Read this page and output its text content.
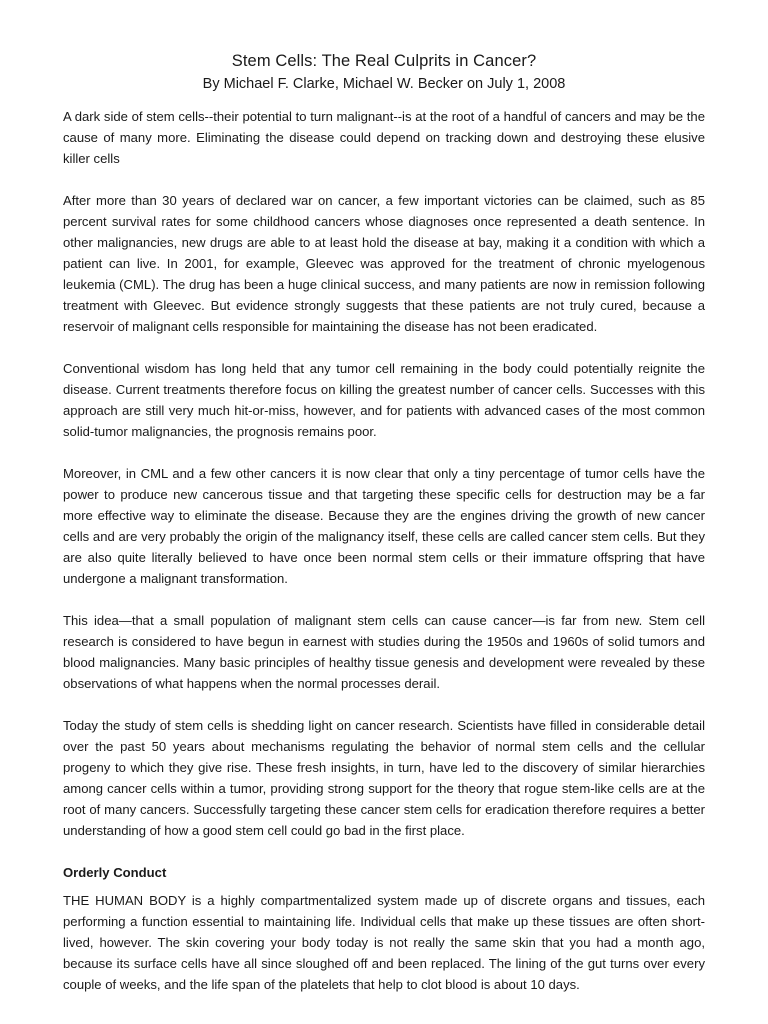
Stem Cells: The Real Culprits in Cancer?

By Michael F. Clarke, Michael W. Becker on July 1, 2008

A dark side of stem cells--their potential to turn malignant--is at the root of a handful of cancers and may be the cause of many more. Eliminating the disease could depend on tracking down and destroying these elusive killer cells

After more than 30 years of declared war on cancer, a few important victories can be claimed, such as 85 percent survival rates for some childhood cancers whose diagnoses once represented a death sentence. In other malignancies, new drugs are able to at least hold the disease at bay, making it a condition with which a patient can live. In 2001, for example, Gleevec was approved for the treatment of chronic myelogenous leukemia (CML). The drug has been a huge clinical success, and many patients are now in remission following treatment with Gleevec. But evidence strongly suggests that these patients are not truly cured, because a reservoir of malignant cells responsible for maintaining the disease has not been eradicated.

Conventional wisdom has long held that any tumor cell remaining in the body could potentially reignite the disease. Current treatments therefore focus on killing the greatest number of cancer cells. Successes with this approach are still very much hit-or-miss, however, and for patients with advanced cases of the most common solid-tumor malignancies, the prognosis remains poor.

Moreover, in CML and a few other cancers it is now clear that only a tiny percentage of tumor cells have the power to produce new cancerous tissue and that targeting these specific cells for destruction may be a far more effective way to eliminate the disease. Because they are the engines driving the growth of new cancer cells and are very probably the origin of the malignancy itself, these cells are called cancer stem cells. But they are also quite literally believed to have once been normal stem cells or their immature offspring that have undergone a malignant transformation.

This idea—that a small population of malignant stem cells can cause cancer—is far from new. Stem cell research is considered to have begun in earnest with studies during the 1950s and 1960s of solid tumors and blood malignancies. Many basic principles of healthy tissue genesis and development were revealed by these observations of what happens when the normal processes derail.

Today the study of stem cells is shedding light on cancer research. Scientists have filled in considerable detail over the past 50 years about mechanisms regulating the behavior of normal stem cells and the cellular progeny to which they give rise. These fresh insights, in turn, have led to the discovery of similar hierarchies among cancer cells within a tumor, providing strong support for the theory that rogue stem-like cells are at the root of many cancers. Successfully targeting these cancer stem cells for eradication therefore requires a better understanding of how a good stem cell could go bad in the first place.

Orderly Conduct

THE HUMAN BODY is a highly compartmentalized system made up of discrete organs and tissues, each performing a function essential to maintaining life. Individual cells that make up these tissues are often short-lived, however. The skin covering your body today is not really the same skin that you had a month ago, because its surface cells have all since sloughed off and been replaced. The lining of the gut turns over every couple of weeks, and the life span of the platelets that help to clot blood is about 10 days.
